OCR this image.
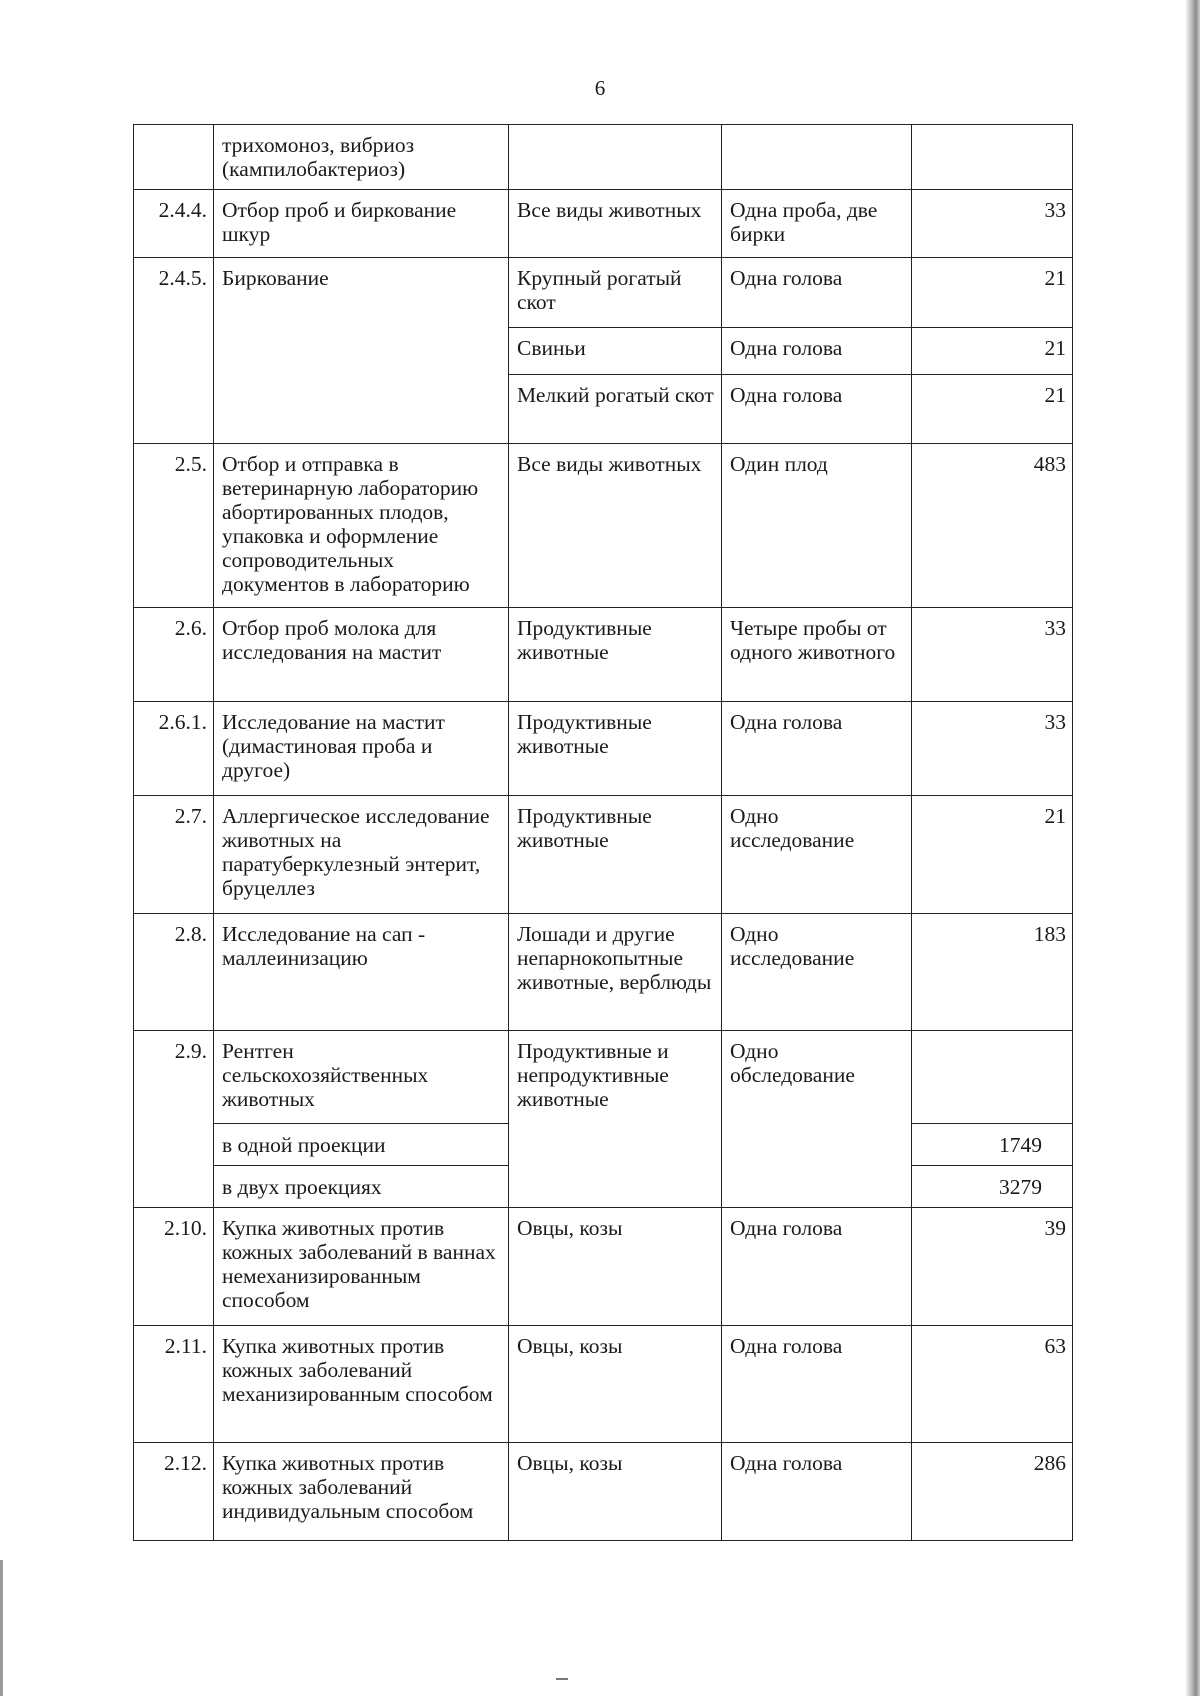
6
	трихомоноз, вибриоз (кампилобактериоз)			
2.4.4.	Отбор проб и биркование шкур	Все виды животных	Одна проба, две бирки	33
2.4.5.	Биркование	Крупный рогатый скот	Одна голова	21
		Свиньи	Одна голова	21
		Мелкий рогатый скот	Одна голова	21
2.5.	Отбор и отправка в ветеринарную лабораторию абортированных плодов, упаковка и оформление сопроводительных документов в лабораторию	Все виды животных	Один плод	483
2.6.	Отбор проб молока для исследования на мастит	Продуктивные животные	Четыре пробы от одного животного	33
2.6.1.	Исследование на мастит (димастиновая проба и другое)	Продуктивные животные	Одна голова	33
2.7.	Аллергическое исследование животных на паратуберкулезный энтерит, бруцеллез	Продуктивные животные	Одно исследование	21
2.8.	Исследование на сап - маллеинизацию	Лошади и другие непарнокопытные животные, верблюды	Одно исследование	183
2.9.	Рентген сельскохозяйственных животных	Продуктивные и непродуктивные животные	Одно обследование	
	в одной проекции			1749
	в двух проекциях			3279
2.10.	Купка животных против кожных заболеваний в ваннах немеханизированным способом	Овцы, козы	Одна голова	39
2.11.	Купка животных против кожных заболеваний механизированным способом	Овцы, козы	Одна голова	63
2.12.	Купка животных против кожных заболеваний индивидуальным способом	Овцы, козы	Одна голова	286
